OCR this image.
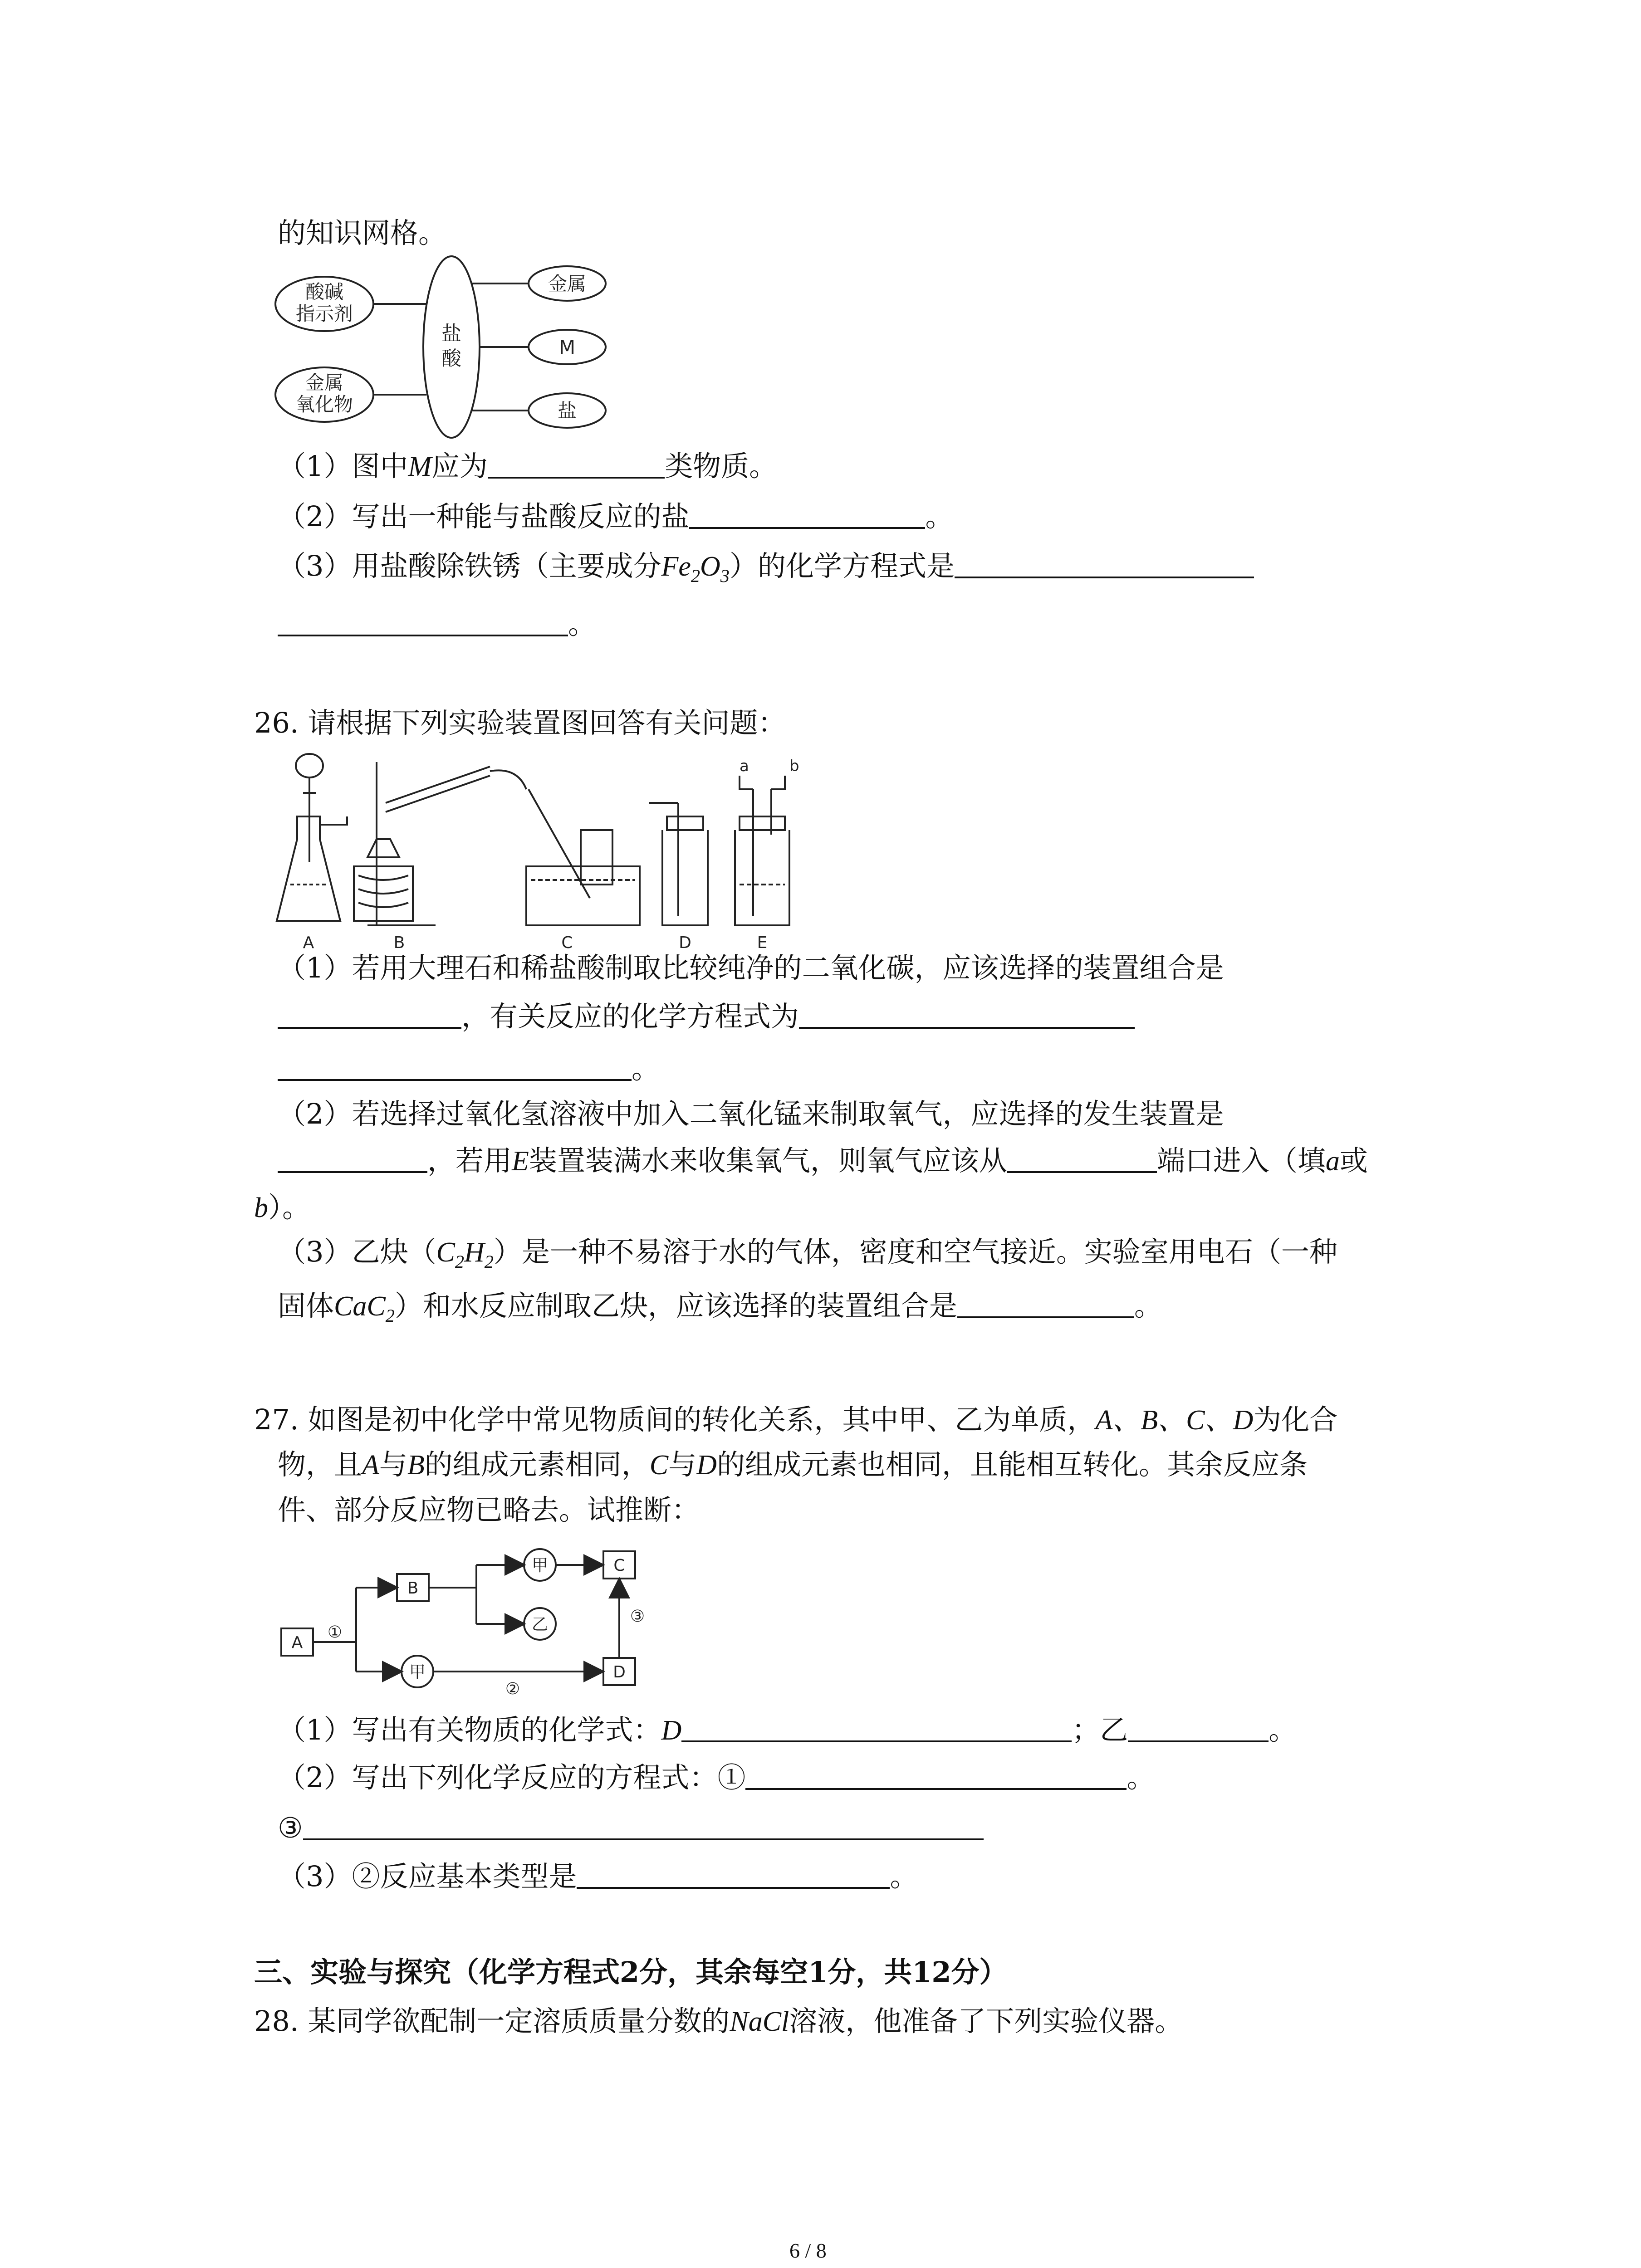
的知识网格。
酸碱
指示剂
金属
氧化物
盐
酸
金属
M
盐
（1）图中M应为	类物质。
（2）写出一种能与盐酸反应的盐	。
（3）用盐酸除铁锈（主要成分$Fe_2O_3$）的化学方程式是
。
26. 请根据下列实验装置图回答有关问题：
a	b
A	B	C	D	E
（1）若用大理石和稀盐酸制取比较纯净的二氧化碳，应该选择的装置组合是
，有关反应的化学方程式为
。
（2）若选择过氧化氢溶液中加入二氧化锰来制取氧气，应选择的发生装置是
，若用E装置装满水来收集氧气，则氧气应该从	端口进入（填a或
b）。
（3）乙炔$(C_2H_2)$是一种不易溶于水的气体，密度和空气接近。实验室用电石（一种
固体CaC$_2$）和水反应制取乙炔，应该选择的装置组合是	。
27. 如图是初中化学中常见物质间的转化关系，其中甲、乙为单质，A、B、C、D为化合
物，且A与B的组成元素相同，C与D的组成元素也相同，且能相互转化。其余反应条
件、部分反应物已略去。试推断：
A
B
C
D
甲
乙
甲
①
②
③
（1）写出有关物质的化学式：D	；乙	。
（2）写出下列化学反应的方程式：①	。
③
（3）②反应基本类型是	。
三、实验与探究（化学方程式2分，其余每空1分，共12分）
28. 某同学欲配制一定溶质质量分数的NaCl溶液，他准备了下列实验仪器。
6 / 8
